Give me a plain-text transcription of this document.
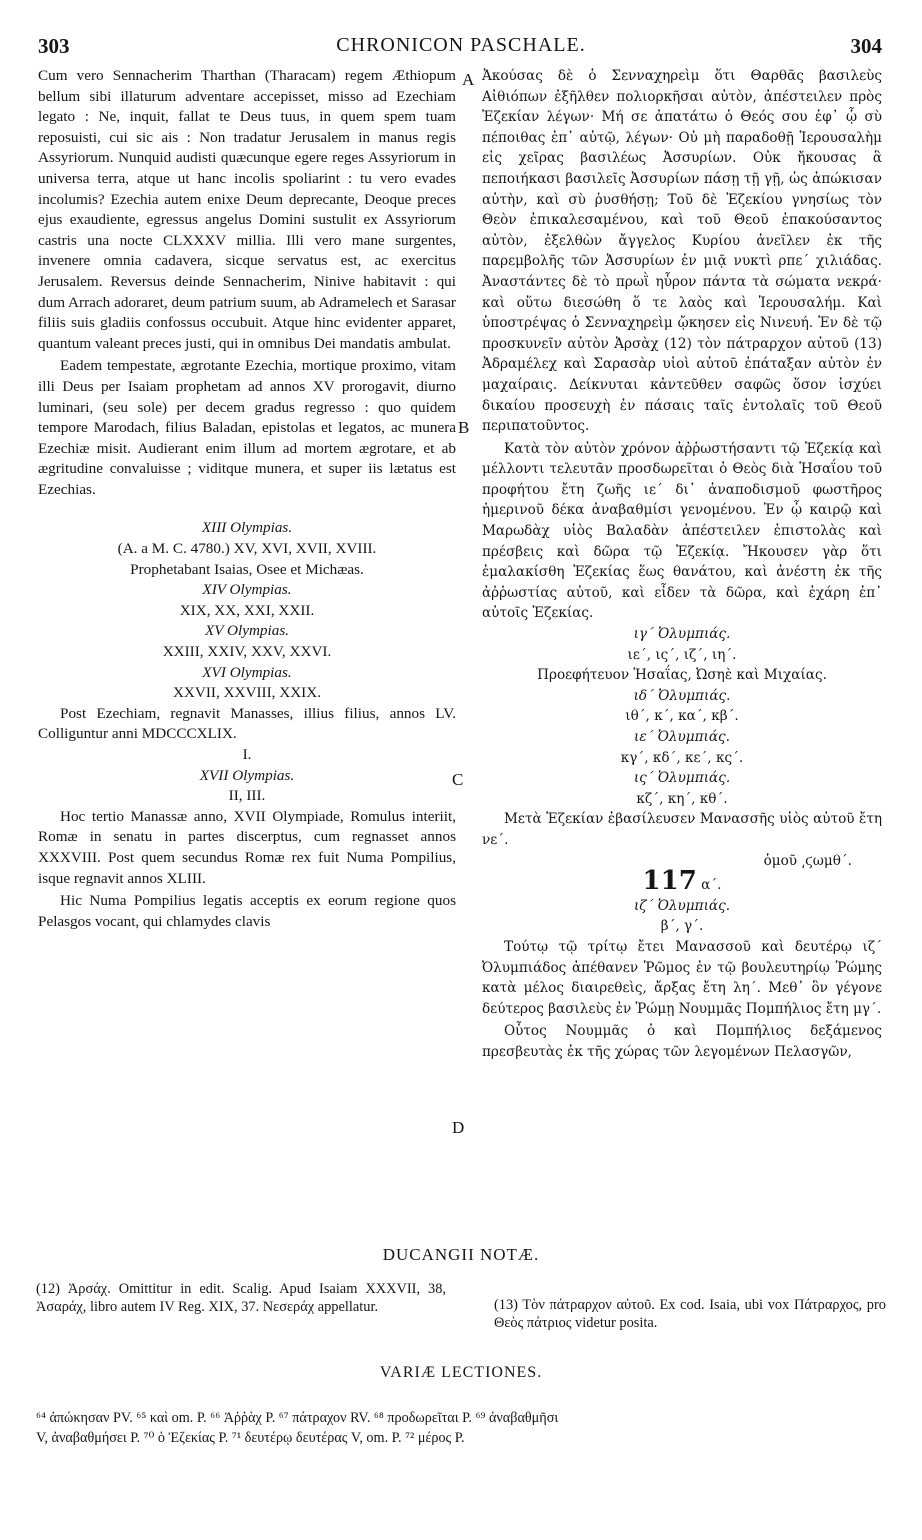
303	CHRONICON PASCHALE.	304

Cum vero Sennacherim Tharthan (Tharacam) regem Æthiopum bellum sibi illaturum adventare accepisset, misso ad Ezechiam legato : Ne, inquit, fallat te Deus tuus, in quem spem tuam reposuisti, cui sic ais : Non tradatur Jerusalem in manus regis Assyriorum. Nunquid audisti quæcunque egere reges Assyriorum in universa terra, atque ut hanc incolis spoliarint : tu vero evades incolumis? Ezechia autem enixe Deum deprecante, Deoque preces ejus exaudiente, egressus angelus Domini sustulit ex Assyriorum castris una nocte CLXXXV millia. Illi vero mane surgentes, invenere omnia cadavera, sicque servatus est, ac exercitus Jerusalem. Reversus deinde Sennacherim, Ninive habitavit : qui dum Arrach adoraret, deum patrium suum, ab Adramelech et Sarasar filiis suis gladiis confossus occubuit. Atque hinc evidenter apparet, quantum valeant preces justi, qui in omnibus Dei mandatis ambulat.

Eadem tempestate, ægrotante Ezechia, mortique proximo, vitam illi Deus per Isaiam prophetam ad annos XV prorogavit, diurno luminari, (seu sole) per decem gradus regresso : quo quidem tempore Marodach, filius Baladan, epistolas et legatos, ac munera Ezechiæ misit. Audierant enim illum ad mortem ægrotare, et ab ægritudine convaluisse ; viditque munera, et super iis lætatus est Ezechias.

XIII Olympias.
(A. a M. C. 4780.) XV, XVI, XVII, XVIII.
Prophetabant Isaias, Osee et Michæas.
XIV Olympias.
XIX, XX, XXI, XXII.
XV Olympias.
XXIII, XXIV, XXV, XXVI.
XVI Olympias.
XXVII, XXVIII, XXIX.

Post Ezechiam, regnavit Manasses, illius filius, annos LV. Colliguntur anni MDCCCXLIX.

I.
XVII Olympias.
II, III.

Hoc tertio Manassæ anno, XVII Olympiade, Romulus interiit, Romæ in senatu in partes discerptus, cum regnasset annos XXXVIII. Post quem secundus Romæ rex fuit Numa Pompilius, isque regnavit annos XLIII.

Hic Numa Pompilius legatis acceptis ex eorum regione quos Pelasgos vocant, qui chlamydes clavis

Ἀκούσας δὲ ὁ Σενναχηρεὶμ ὅτι Θαρθᾶς βασιλεὺς Αἰθιόπων ἐξῆλθεν πολιορκῆσαι αὐτὸν, ἀπέστειλεν πρὸς Ἐζεκίαν λέγων· Μή σε ἀπατάτω ὁ Θεός σου ἐφ᾽ ᾧ σὺ πέποιθας ἐπ᾽ αὐτῷ, λέγων· Οὐ μὴ παραδοθῇ Ἱερουσαλὴμ εἰς χεῖρας βασιλέως Ἀσσυρίων. Οὐκ ἤκουσας ἃ πεποιήκασι βασιλεῖς Ἀσσυρίων πάσῃ τῇ γῇ, ὡς ἀπώκισαν αὐτὴν, καὶ σὺ ῥυσθήσῃ; Τοῦ δὲ Ἐζεκίου γνησίως τὸν Θεὸν ἐπικαλεσαμένου, καὶ τοῦ Θεοῦ ἐπακούσαντος αὐτὸν, ἐξελθὼν ἄγγελος Κυρίου ἀνεῖλεν ἐκ τῆς παρεμβολῆς τῶν Ἀσσυρίων ἐν μιᾷ νυκτὶ ρπε´ χιλιάδας. Ἀναστάντες δὲ τὸ πρωῒ ηὗρον πάντα τὰ σώματα νεκρά· καὶ οὕτω διεσώθη ὅ τε λαὸς καὶ Ἱερουσαλήμ. Καὶ ὑποστρέψας ὁ Σενναχηρεὶμ ᾤκησεν εἰς Νινευή. Ἐν δὲ τῷ προσκυνεῖν αὐτὸν Ἀρσὰχ (12) τὸν πάτραρχον αὐτοῦ (13) Ἀδραμέλεχ καὶ Σαρασὰρ υἱοὶ αὐτοῦ ἐπάταξαν αὐτὸν ἐν μαχαίραις. Δείκνυται κἀντεῦθεν σαφῶς ὅσον ἰσχύει δικαίου προσευχὴ ἐν πάσαις ταῖς ἐντολαῖς τοῦ Θεοῦ περιπατοῦντος.

Κατὰ τὸν αὐτὸν χρόνον ἀῤῥωστήσαντι τῷ Ἐζεκίᾳ καὶ μέλλοντι τελευτᾶν προσδωρεῖται ὁ Θεὸς διὰ Ἡσαΐου τοῦ προφήτου ἔτη ζωῆς ιε´ δι᾽ ἀναποδισμοῦ φωστῆρος ἡμερινοῦ δέκα ἀναβαθμίσι γενομένου. Ἐν ᾧ καιρῷ καὶ Μαρωδὰχ υἱὸς Βαλαδὰν ἀπέστειλεν ἐπιστολὰς καὶ πρέσβεις καὶ δῶρα τῷ Ἐζεκίᾳ. Ἤκουσεν γὰρ ὅτι ἐμαλακίσθη Ἐζεκίας ἕως θανάτου, καὶ ἀνέστη ἐκ τῆς ἀῤῥωστίας αὐτοῦ, καὶ εἶδεν τὰ δῶρα, καὶ ἐχάρη ἐπ᾽ αὐτοῖς Ἐζεκίας.

ιγ´ Ὀλυμπιάς.
ιε´, ις´, ιζ´, ιη´.
Προεφήτευον Ἡσαΐας, Ὠσηὲ καὶ Μιχαίας.
ιδ´ Ὀλυμπιάς.
ιθ´, κ´, κα´, κβ´.
ιε´ Ὀλυμπιάς.
κγ´, κδ´, κε´, κς´.
ις´ Ὀλυμπιάς.
κζ´, κη´, κθ´.

Μετὰ Ἐζεκίαν ἐβασίλευσεν Μανασσῆς υἱὸς αὐτοῦ ἔτη νε´.

ὁμοῦ ͵ϛωμθ´.
117 α´.
ιζ´ Ὀλυμπιάς.
β´, γ´.

Τούτῳ τῷ τρίτῳ ἔτει Μανασσοῦ καὶ δευτέρῳ ιζ´ Ὀλυμπιάδος ἀπέθανεν Ῥῶμος ἐν τῷ βουλευτηρίῳ Ῥώμης κατὰ μέλος διαιρεθεὶς, ἄρξας ἔτη λη´. Μεθ᾽ ὃν γέγονε δεύτερος βασιλεὺς ἐν Ῥώμῃ Νουμμᾶς Πομπήλιος ἔτη μγ´.

Οὗτος Νουμμᾶς ὁ καὶ Πομπήλιος δεξάμενος πρεσβευτὰς ἐκ τῆς χώρας τῶν λεγομένων Πελασγῶν,

A
B
C
D
DUCANGII NOTÆ.
(12) Ἀρσάχ. Omittitur in edit. Scalig. Apud Isaiam XXXVII, 38, Ἀσαράχ, libro autem IV Reg. XIX, 37. Νεσεράχ appellatur.	(13) Τὸν πάτραρχον αὐτοῦ. Ex cod. Isaia, ubi vox Πάτραρχος, pro Θεὸς πάτριος videtur posita.
VARIÆ LECTIONES.
⁶⁴ ἀπώκησαν PV. ⁶⁵ καὶ om. P. ⁶⁶ Ἀῤῥὰχ P. ⁶⁷ πάτραχον RV. ⁶⁸ προδωρεῖται P. ⁶⁹ ἀναβαθμῆσι
V, ἀναβαθμήσει P. ⁷⁰ ὁ Ἐζεκίας P. ⁷¹ δευτέρῳ δευτέρας V, om. P. ⁷² μέρος P.
